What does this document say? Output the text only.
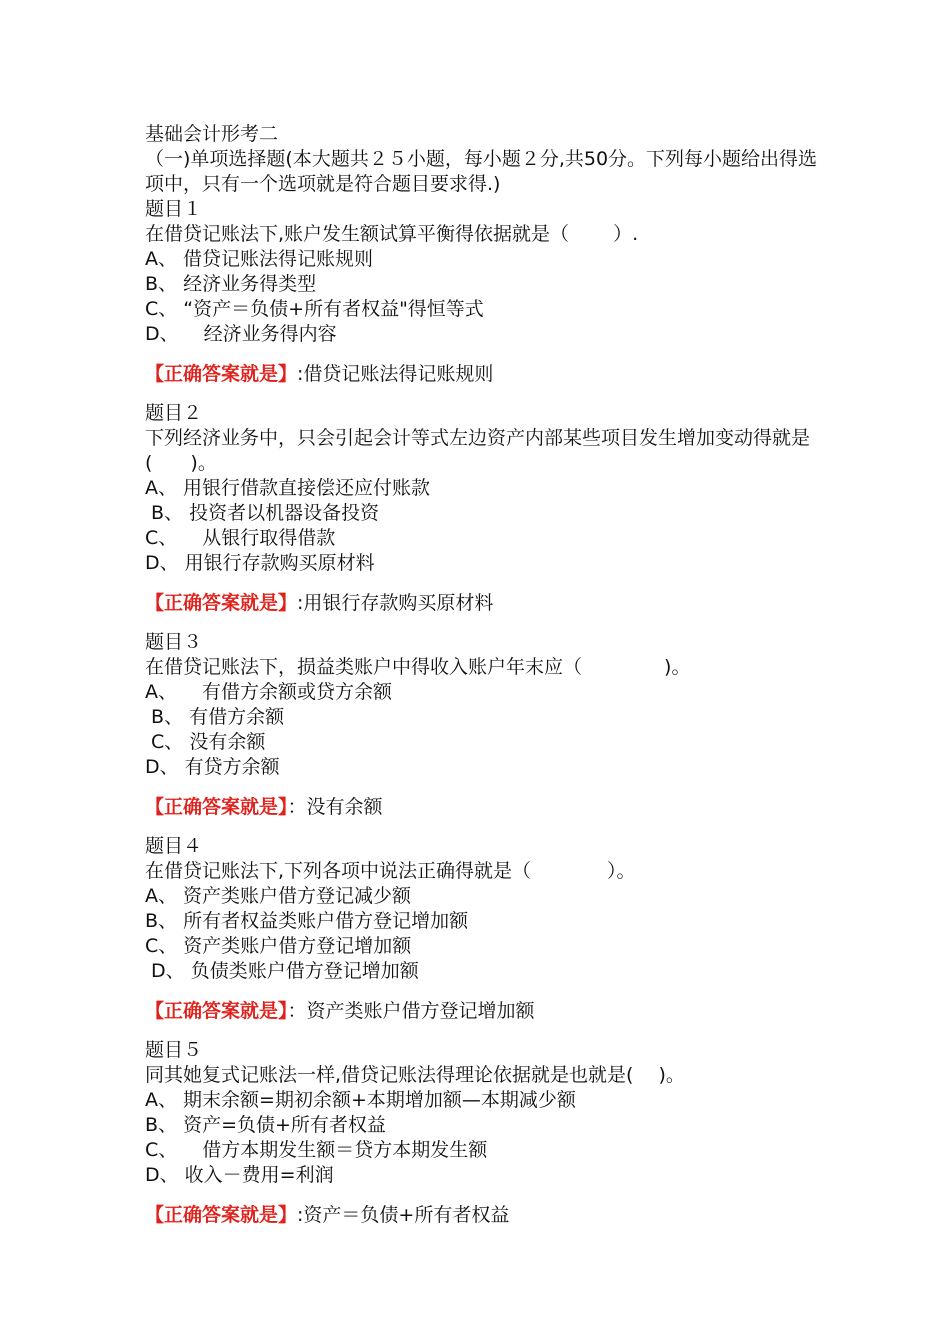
基础会计形考二
（一)单项选择题(本大题共２５小题，每小题２分,共50分。下列每小题给出得选项中，只有一个选项就是符合题目要求得.)
题目１
在借贷记账法下,账户发生额试算平衡得依据就是（　　 ）.
A、 借贷记账法得记账规则
B、 经济业务得类型
C、 “资产＝负债+所有者权益"得恒等式
D、 　经济业务得内容
【正确答案就是】:借贷记账法得记账规则
题目２
下列经济业务中，只会引起会计等式左边资产内部某些项目发生增加变动得就是(　　)。
A、 用银行借款直接偿还应付账款
B、 投资者以机器设备投资
C、 　从银行取得借款
D、 用银行存款购买原材料
【正确答案就是】:用银行存款购买原材料
题目３
在借贷记账法下，损益类账户中得收入账户年末应（　　　　 )。
A、 　有借方余额或贷方余额
B、 有借方余额
C、 没有余额
D、 有贷方余额
【正确答案就是】：没有余额
题目４
在借贷记账法下,下列各项中说法正确得就是（　　　　）。
A、 资产类账户借方登记减少额
B、 所有者权益类账户借方登记增加额
C、 资产类账户借方登记增加额
D、 负债类账户借方登记增加额
【正确答案就是】：资产类账户借方登记增加额
题目５
同其她复式记账法一样,借贷记账法得理论依据就是也就是(　 )。
A、 期末余额=期初余额+本期增加额—本期减少额
B、 资产=负债+所有者权益
C、 　借方本期发生额＝贷方本期发生额
D、 收入－费用=利润
【正确答案就是】:资产＝负债+所有者权益
